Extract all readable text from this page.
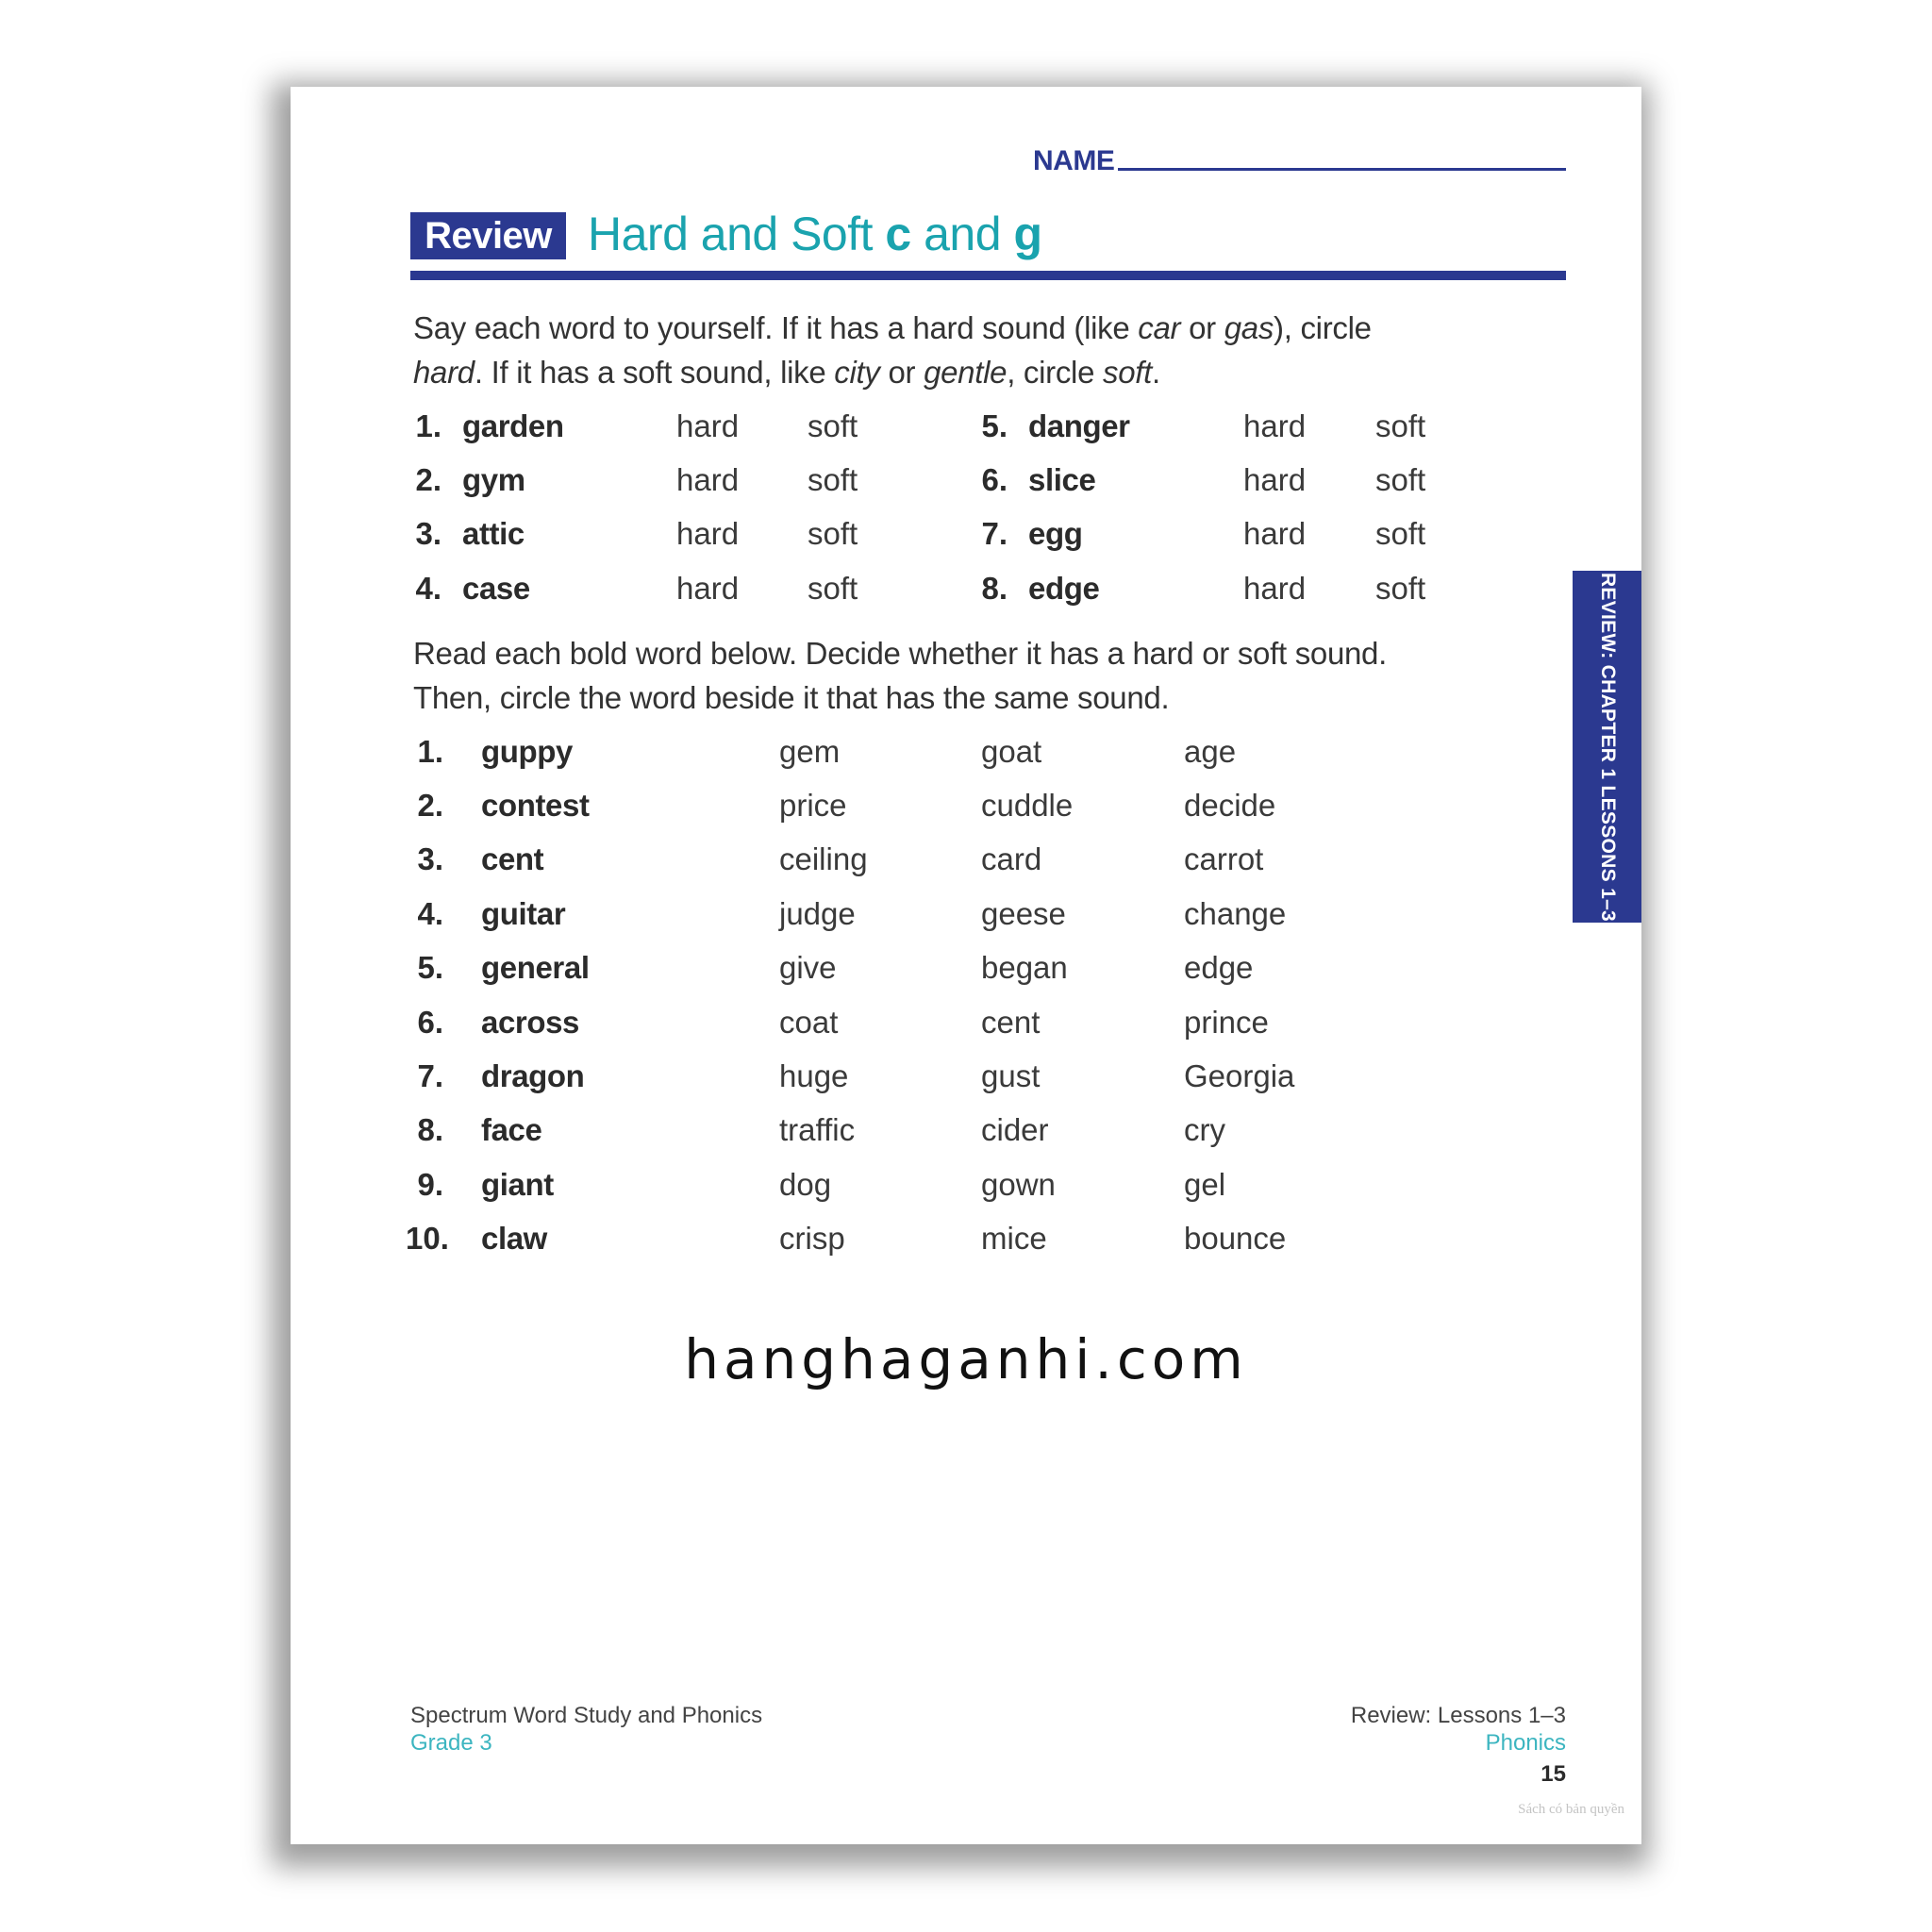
NAME
Review Hard and Soft c and g
Say each word to yourself. If it has a hard sound (like car or gas), circle
hard. If it has a soft sound, like city or gentle, circle soft.
1. garden	hard soft
2. gym	hard soft
3. attic	hard soft
4. case	hard soft
5. danger	hard soft
6. slice	hard soft
7. egg	hard soft
8. edge	hard soft
Read each bold word below. Decide whether it has a hard or soft sound.
Then, circle the word beside it that has the same sound.
1. guppy	gem	goat	age
2. contest	price	cuddle	decide
3. cent	ceiling	card	carrot
4. guitar	judge	geese	change
5. general	give	began	edge
6. across	coat	cent	prince
7. dragon	huge	gust	Georgia
8. face	traffic	cider	cry
9. giant	dog	gown	gel
10. claw	crisp	mice	bounce
REVIEW: CHAPTER 1 LESSONS 1–3
hanghaganhi.com
Spectrum Word Study and Phonics
Grade 3
Review: Lessons 1–3
Phonics
15
Sách có bản quyền
